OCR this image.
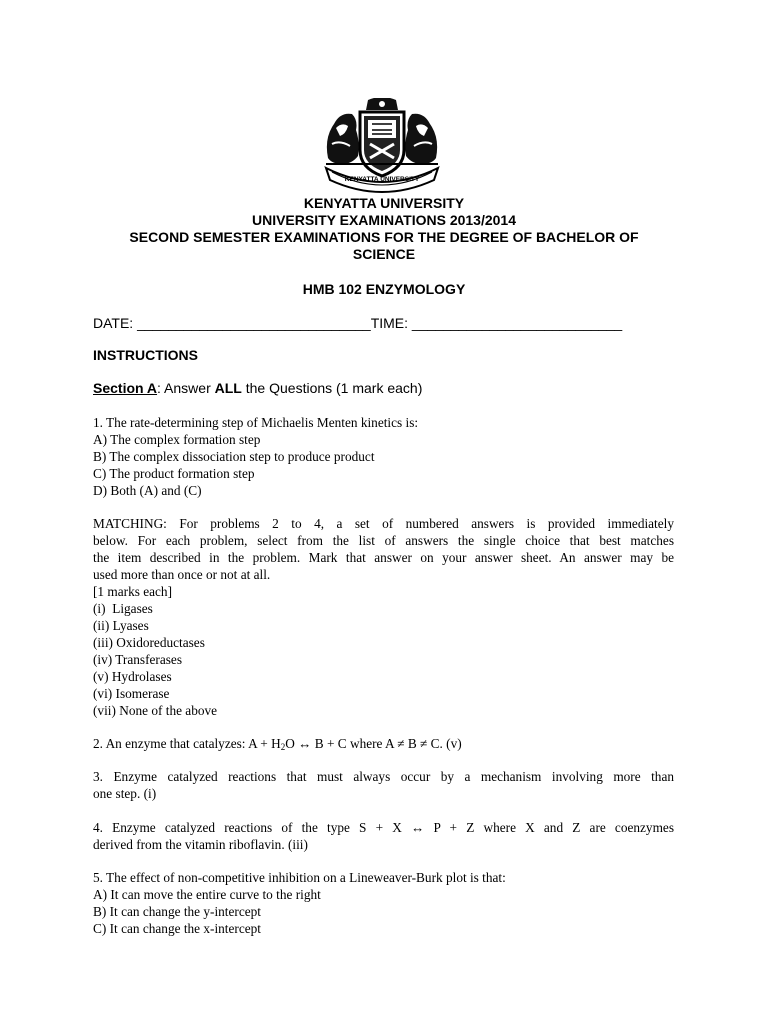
KENYATTA UNIVERSITY
KENYATTA UNIVERSITY
UNIVERSITY EXAMINATIONS 2013/2014
SECOND SEMESTER EXAMINATIONS FOR THE DEGREE OF BACHELOR OF
SCIENCE
HMB 102 ENZYMOLOGY
DATE: ______________________________TIME: ___________________________
INSTRUCTIONS
Section A: Answer ALL the Questions (1 mark each)
1. The rate-determining step of Michaelis Menten kinetics is:
A) The complex formation step
B) The complex dissociation step to produce product
C) The product formation step
D) Both (A) and (C)
MATCHING: For problems 2 to 4, a set of numbered answers is provided immediately
below. For each problem, select from the list of answers the single choice that best matches
the item described in the problem. Mark that answer on your answer sheet. An answer may be
used more than once or not at all.
[1 marks each]
(i)  Ligases
(ii) Lyases
(iii) Oxidoreductases
(iv) Transferases
(v) Hydrolases
(vi) Isomerase
(vii) None of the above
2. An enzyme that catalyzes: $A + H_2O$ ↔ B + C where A ≠ B ≠ C. (v)
3. Enzyme catalyzed reactions that must always occur by a mechanism involving more than
one step. (i)
4. Enzyme catalyzed reactions of the type S + X ↔ P + Z where X and Z are coenzymes
derived from the vitamin riboflavin. (iii)
5. The effect of non-competitive inhibition on a Lineweaver-Burk plot is that:
A) It can move the entire curve to the right
B) It can change the y-intercept
C) It can change the x-intercept
